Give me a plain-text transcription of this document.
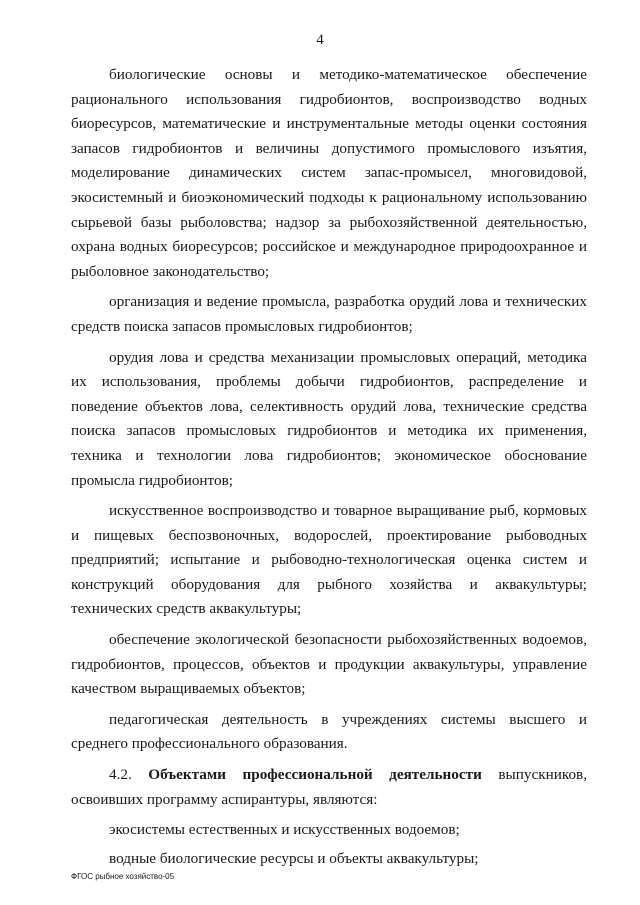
4

биологические основы и методико-математическое обеспечение рационального использования гидробионтов, воспроизводство водных биоресурсов, математические и инструментальные методы оценки состояния запасов гидробионтов и величины допустимого промыслового изъятия, моделирование динамических систем запас-промысел, многовидовой, экосистемный и биоэкономический подходы к рациональному использованию сырьевой базы рыболовства; надзор за рыбохозяйственной деятельностью, охрана водных биоресурсов; российское и международное природоохранное и рыболовное законодательство;

организация и ведение промысла, разработка орудий лова и технических средств поиска запасов промысловых гидробионтов;

орудия лова и средства механизации промысловых операций, методика их использования, проблемы добычи гидробионтов, распределение и поведение объектов лова, селективность орудий лова, технические средства поиска запасов промысловых гидробионтов и методика их применения, техника и технологии лова гидробионтов; экономическое обоснование промысла гидробионтов;

искусственное воспроизводство и товарное выращивание рыб, кормовых и пищевых беспозвоночных, водорослей, проектирование рыбоводных предприятий; испытание и рыбоводно-технологическая оценка систем и конструкций оборудования для рыбного хозяйства и аквакультуры; технических средств аквакультуры;

обеспечение экологической безопасности рыбохозяйственных водоемов, гидробионтов, процессов, объектов и продукции аквакультуры, управление качеством выращиваемых объектов;

педагогическая деятельность в учреждениях системы высшего и среднего профессионального образования.

4.2. Объектами профессиональной деятельности выпускников, освоивших программу аспирантуры, являются:

экосистемы естественных и искусственных водоемов;

водные биологические ресурсы и объекты аквакультуры;

ФГОС рыбное хозяйство-05
